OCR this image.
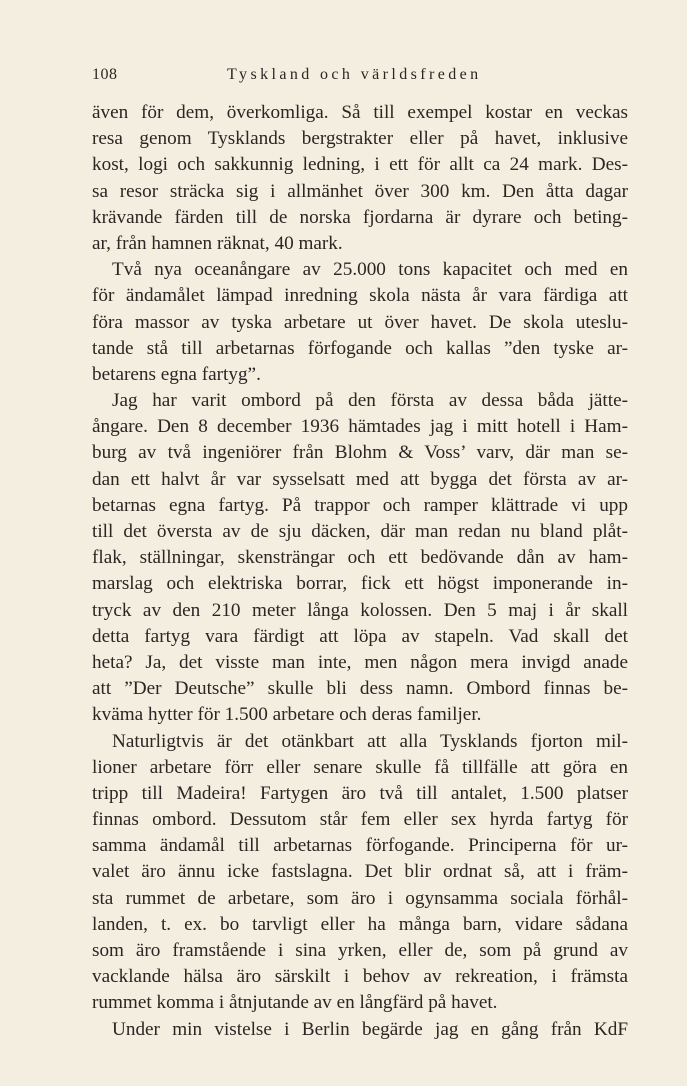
108	Tyskland och världsfreden
även för dem, överkomliga. Så till exempel kostar en veckas
resa genom Tysklands bergstrakter eller på havet, inklusive
kost, logi och sakkunnig ledning, i ett för allt ca 24 mark. Des-
sa resor sträcka sig i allmänhet över 300 km. Den åtta dagar
krävande färden till de norska fjordarna är dyrare och beting-
ar, från hamnen räknat, 40 mark.
Två nya oceanångare av 25.000 tons kapacitet och med en
för ändamålet lämpad inredning skola nästa år vara färdiga att
föra massor av tyska arbetare ut över havet. De skola uteslu-
tande stå till arbetarnas förfogande och kallas ”den tyske ar-
betarens egna fartyg”.
Jag har varit ombord på den första av dessa båda jätte-
ångare. Den 8 december 1936 hämtades jag i mitt hotell i Ham-
burg av två ingeniörer från Blohm & Voss’ varv, där man se-
dan ett halvt år var sysselsatt med att bygga det första av ar-
betarnas egna fartyg. På trappor och ramper klättrade vi upp
till det översta av de sju däcken, där man redan nu bland plåt-
flak, ställningar, skensträngar och ett bedövande dån av ham-
marslag och elektriska borrar, fick ett högst imponerande in-
tryck av den 210 meter långa kolossen. Den 5 maj i år skall
detta fartyg vara färdigt att löpa av stapeln. Vad skall det
heta? Ja, det visste man inte, men någon mera invigd anade
att ”Der Deutsche” skulle bli dess namn. Ombord finnas be-
kväma hytter för 1.500 arbetare och deras familjer.
Naturligtvis är det otänkbart att alla Tysklands fjorton mil-
lioner arbetare förr eller senare skulle få tillfälle att göra en
tripp till Madeira! Fartygen äro två till antalet, 1.500 platser
finnas ombord. Dessutom står fem eller sex hyrda fartyg för
samma ändamål till arbetarnas förfogande. Principerna för ur-
valet äro ännu icke fastslagna. Det blir ordnat så, att i främ-
sta rummet de arbetare, som äro i ogynsamma sociala förhål-
landen, t. ex. bo tarvligt eller ha många barn, vidare sådana
som äro framstående i sina yrken, eller de, som på grund av
vacklande hälsa äro särskilt i behov av rekreation, i främsta
rummet komma i åtnjutande av en långfärd på havet.
Under min vistelse i Berlin begärde jag en gång från KdF
